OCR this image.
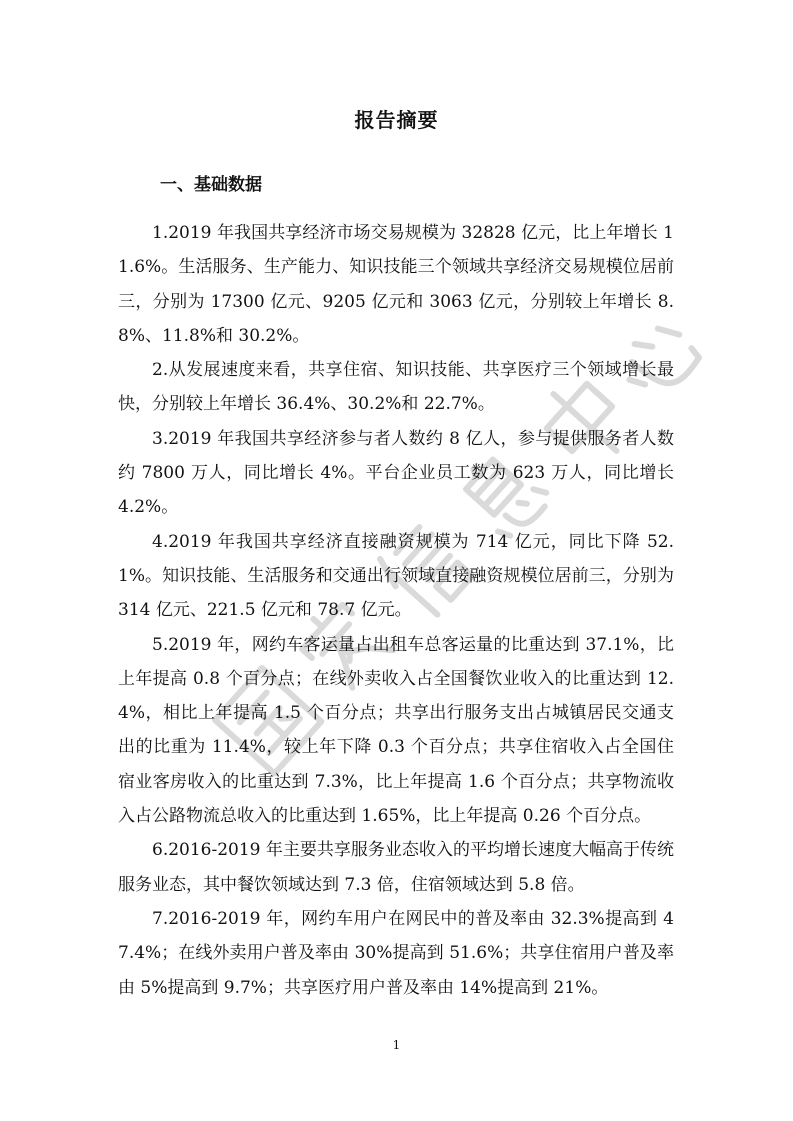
报告摘要
一、基础数据

1.2019 年我国共享经济市场交易规模为 32828 亿元，比上年增长 11.6%。生活服务、生产能力、知识技能三个领域共享经济交易规模位居前三，分别为 17300 亿元、9205 亿元和 3063 亿元，分别较上年增长 8.8%、11.8%和 30.2%。

2.从发展速度来看，共享住宿、知识技能、共享医疗三个领域增长最快，分别较上年增长 36.4%、30.2%和 22.7%。

3.2019 年我国共享经济参与者人数约 8 亿人，参与提供服务者人数约 7800 万人，同比增长 4%。平台企业员工数为 623 万人，同比增长 4.2%。

4.2019 年我国共享经济直接融资规模为 714 亿元，同比下降 52.1%。知识技能、生活服务和交通出行领域直接融资规模位居前三，分别为 314 亿元、221.5 亿元和 78.7 亿元。

5.2019 年，网约车客运量占出租车总客运量的比重达到 37.1%，比上年提高 0.8 个百分点；在线外卖收入占全国餐饮业收入的比重达到 12.4%，相比上年提高 1.5 个百分点；共享出行服务支出占城镇居民交通支出的比重为 11.4%，较上年下降 0.3 个百分点；共享住宿收入占全国住宿业客房收入的比重达到 7.3%，比上年提高 1.6 个百分点；共享物流收入占公路物流总收入的比重达到 1.65%，比上年提高 0.26 个百分点。

6.2016-2019 年主要共享服务业态收入的平均增长速度大幅高于传统服务业态，其中餐饮领域达到 7.3 倍，住宿领域达到 5.8 倍。

7.2016-2019 年，网约车用户在网民中的普及率由 32.3%提高到 47.4%；在线外卖用户普及率由 30%提高到 51.6%；共享住宿用户普及率由 5%提高到 9.7%；共享医疗用户普及率由 14%提高到 21%。

1
